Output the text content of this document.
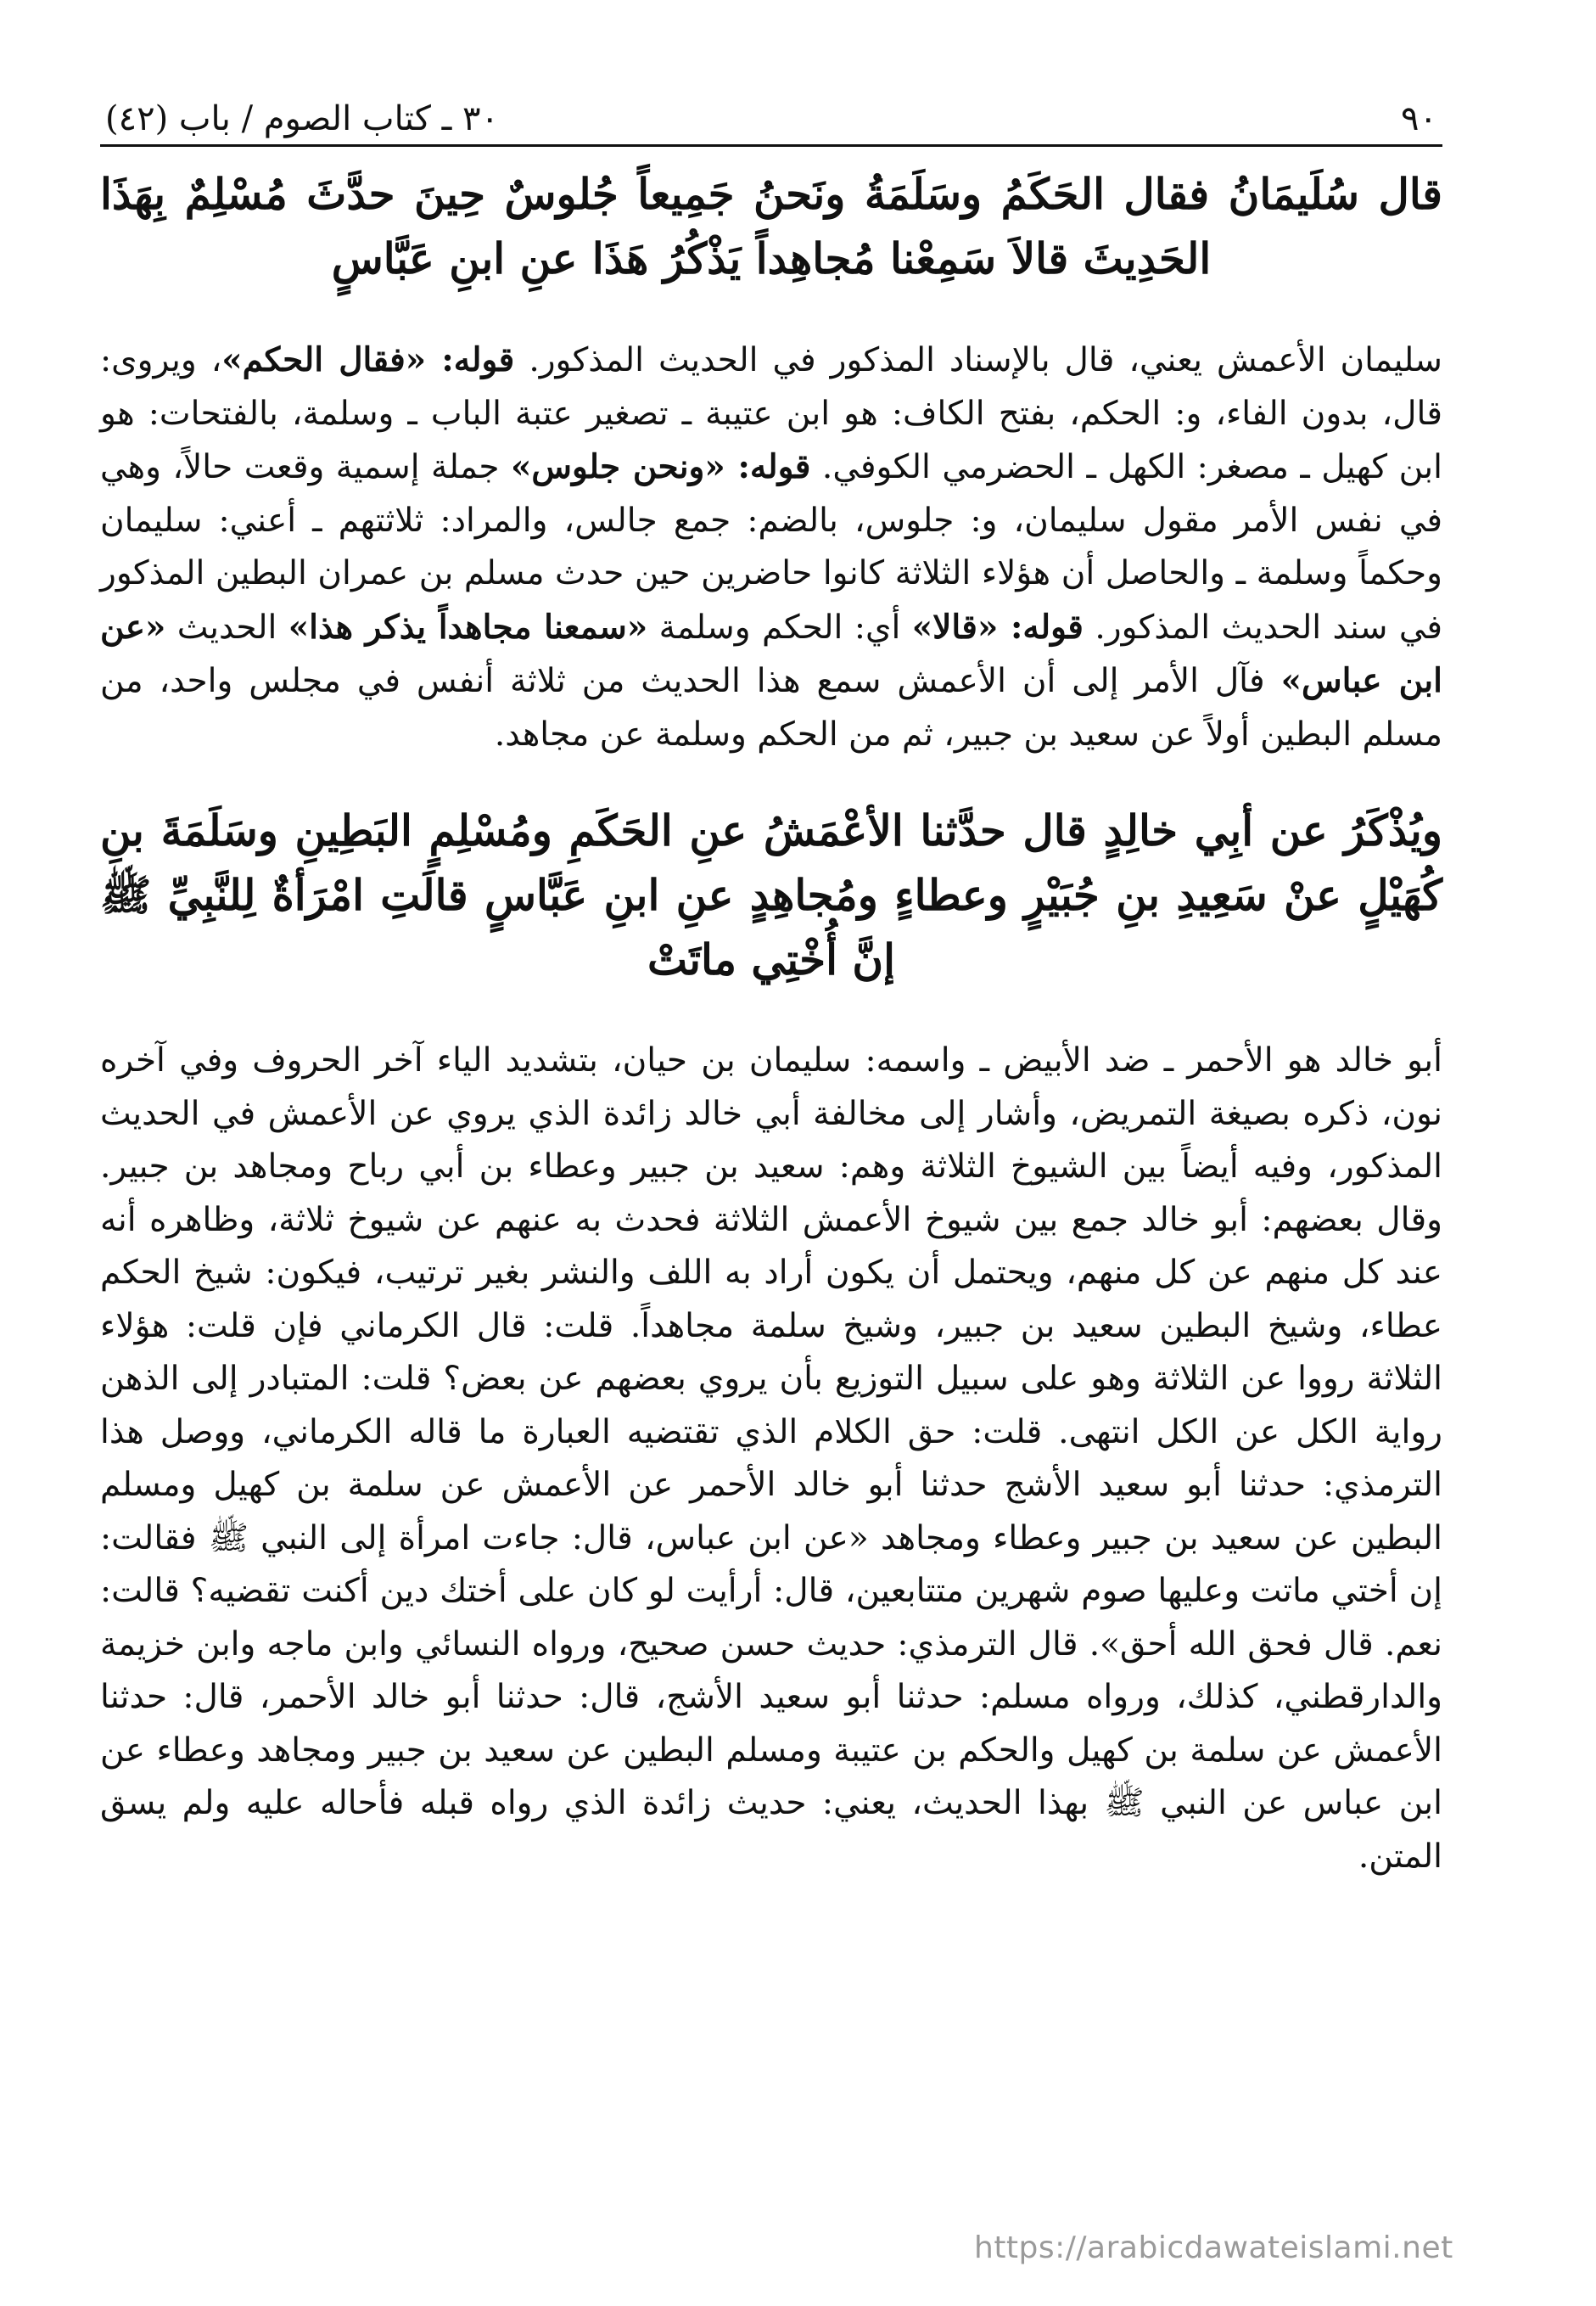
٩٠
٣٠ ـ كتاب الصوم / باب (٤٢)

قال سُلَيمَانُ فقال الحَكَمُ وسَلَمَةُ ونَحنُ جَمِيعاً جُلوسٌ حِينَ حدَّثَ مُسْلِمٌ بِهَذَا الحَدِيثَ قالاَ سَمِعْنا مُجاهِداً يَذْكُرُ هَذَا عنِ ابنِ عَبَّاسٍ

سليمان الأعمش يعني، قال بالإسناد المذكور في الحديث المذكور. قوله: «فقال الحكم»، ويروى: قال، بدون الفاء، و: الحكم، بفتح الكاف: هو ابن عتيبة ـ تصغير عتبة الباب ـ وسلمة، بالفتحات: هو ابن كهيل ـ مصغر: الكهل ـ الحضرمي الكوفي. قوله: «ونحن جلوس» جملة إسمية وقعت حالاً، وهي في نفس الأمر مقول سليمان، و: جلوس، بالضم: جمع جالس، والمراد: ثلاثتهم ـ أعني: سليمان وحكماً وسلمة ـ والحاصل أن هؤلاء الثلاثة كانوا حاضرين حين حدث مسلم بن عمران البطين المذكور في سند الحديث المذكور. قوله: «قالا» أي: الحكم وسلمة «سمعنا مجاهداً يذكر هذا» الحديث «عن ابن عباس» فآل الأمر إلى أن الأعمش سمع هذا الحديث من ثلاثة أنفس في مجلس واحد، من مسلم البطين أولاً عن سعيد بن جبير، ثم من الحكم وسلمة عن مجاهد.

ويُذْكَرُ عن أبِي خالِدٍ قال حدَّثنا الأعْمَشُ عنِ الحَكَمِ ومُسْلِمٍ البَطِينِ وسَلَمَةَ بنِ كُهَيْلٍ عنْ سَعِيدِ بنِ جُبَيْرٍ وعطاءٍ ومُجاهِدٍ عنِ ابنِ عَبَّاسٍ قالَتِ امْرَأةٌ لِلنَّبِيِّ ﷺ إنَّ أُخْتِي ماتَتْ

أبو خالد هو الأحمر ـ ضد الأبيض ـ واسمه: سليمان بن حيان، بتشديد الياء آخر الحروف وفي آخره نون، ذكره بصيغة التمريض، وأشار إلى مخالفة أبي خالد زائدة الذي يروي عن الأعمش في الحديث المذكور، وفيه أيضاً بين الشيوخ الثلاثة وهم: سعيد بن جبير وعطاء بن أبي رباح ومجاهد بن جبير. وقال بعضهم: أبو خالد جمع بين شيوخ الأعمش الثلاثة فحدث به عنهم عن شيوخ ثلاثة، وظاهره أنه عند كل منهم عن كل منهم، ويحتمل أن يكون أراد به اللف والنشر بغير ترتيب، فيكون: شيخ الحكم عطاء، وشيخ البطين سعيد بن جبير، وشيخ سلمة مجاهداً. قلت: قال الكرماني فإن قلت: هؤلاء الثلاثة رووا عن الثلاثة وهو على سبيل التوزيع بأن يروي بعضهم عن بعض؟ قلت: المتبادر إلى الذهن رواية الكل عن الكل انتهى. قلت: حق الكلام الذي تقتضيه العبارة ما قاله الكرماني، ووصل هذا الترمذي: حدثنا أبو سعيد الأشج حدثنا أبو خالد الأحمر عن الأعمش عن سلمة بن كهيل ومسلم البطين عن سعيد بن جبير وعطاء ومجاهد «عن ابن عباس، قال: جاءت امرأة إلى النبي ﷺ فقالت: إن أختي ماتت وعليها صوم شهرين متتابعين، قال: أرأيت لو كان على أختك دين أكنت تقضيه؟ قالت: نعم. قال فحق الله أحق». قال الترمذي: حديث حسن صحيح، ورواه النسائي وابن ماجه وابن خزيمة والدارقطني، كذلك، ورواه مسلم: حدثنا أبو سعيد الأشج، قال: حدثنا أبو خالد الأحمر، قال: حدثنا الأعمش عن سلمة بن كهيل والحكم بن عتيبة ومسلم البطين عن سعيد بن جبير ومجاهد وعطاء عن ابن عباس عن النبي ﷺ بهذا الحديث، يعني: حديث زائدة الذي رواه قبله فأحاله عليه ولم يسق المتن.

https://arabicdawateislami.net
